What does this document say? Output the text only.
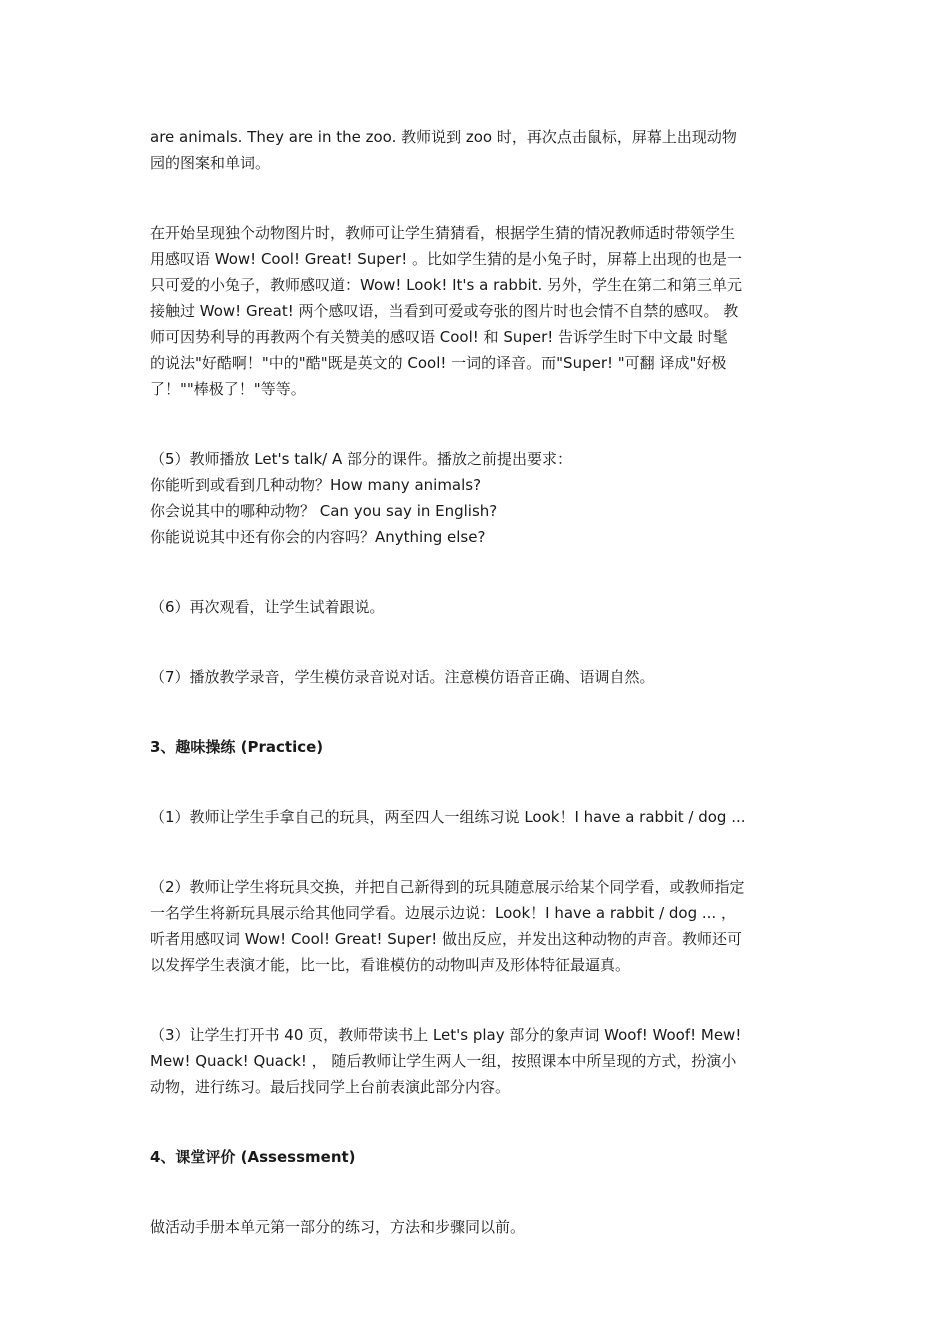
are animals. They are in the zoo. 教师说到 zoo 时，再次点击鼠标，屏幕上出现动物
园的图案和单词。

在开始呈现独个动物图片时，教师可让学生猜猜看，根据学生猜的情况教师适时带领学生
用感叹语 Wow! Cool! Great! Super! 。比如学生猜的是小兔子时，屏幕上出现的也是一
只可爱的小兔子，教师感叹道：Wow! Look! It's a rabbit. 另外，学生在第二和第三单元
接触过 Wow! Great! 两个感叹语，当看到可爱或夸张的图片时也会情不自禁的感叹。 教
师可因势利导的再教两个有关赞美的感叹语 Cool! 和 Super! 告诉学生时下中文最 时髦
的说法"好酷啊！"中的"酷"既是英文的 Cool! 一词的译音。而"Super! "可翻 译成"好极
了！""棒极了！"等等。

（5）教师播放 Let's talk/ A 部分的课件。播放之前提出要求：
你能听到或看到几种动物？How many animals?
你会说其中的哪种动物？ Can you say in English?
你能说说其中还有你会的内容吗？Anything else?

（6）再次观看，让学生试着跟说。

（7）播放教学录音，学生模仿录音说对话。注意模仿语音正确、语调自然。

3、趣味操练 (Practice)

（1）教师让学生手拿自己的玩具，两至四人一组练习说 Look！I have a rabbit / dog ...

（2）教师让学生将玩具交换，并把自己新得到的玩具随意展示给某个同学看，或教师指定
一名学生将新玩具展示给其他同学看。边展示边说：Look！I have a rabbit / dog ... ，
听者用感叹词 Wow! Cool! Great! Super! 做出反应，并发出这种动物的声音。教师还可
以发挥学生表演才能，比一比，看谁模仿的动物叫声及形体特征最逼真。

（3）让学生打开书 40 页，教师带读书上 Let's play 部分的象声词 Woof! Woof! Mew!
Mew! Quack! Quack! ， 随后教师让学生两人一组，按照课本中所呈现的方式，扮演小
动物，进行练习。最后找同学上台前表演此部分内容。

4、课堂评价 (Assessment)

做活动手册本单元第一部分的练习，方法和步骤同以前。
